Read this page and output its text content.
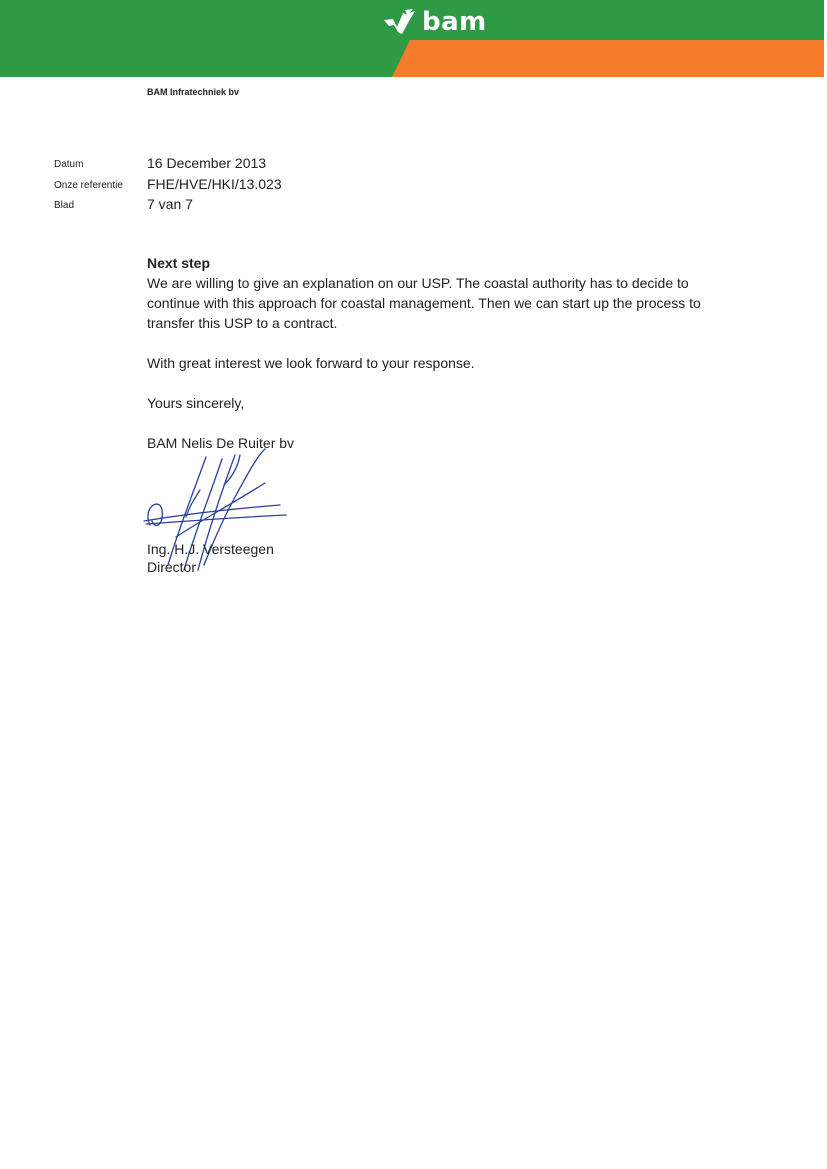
bam
BAM Infratechniek bv
Datum	16 December 2013
Onze referentie FHE/HVE/HKI/13.023
Blad	7 van 7

Next step

We are willing to give an explanation on our USP. The coastal authority has to decide to continue with this approach for coastal management. Then we can start up the process to transfer this USP to a contract.

With great interest we look forward to your response.

Yours sincerely,

BAM Nelis De Ruiter bv

Ing. H.J. Versteegen
Director
